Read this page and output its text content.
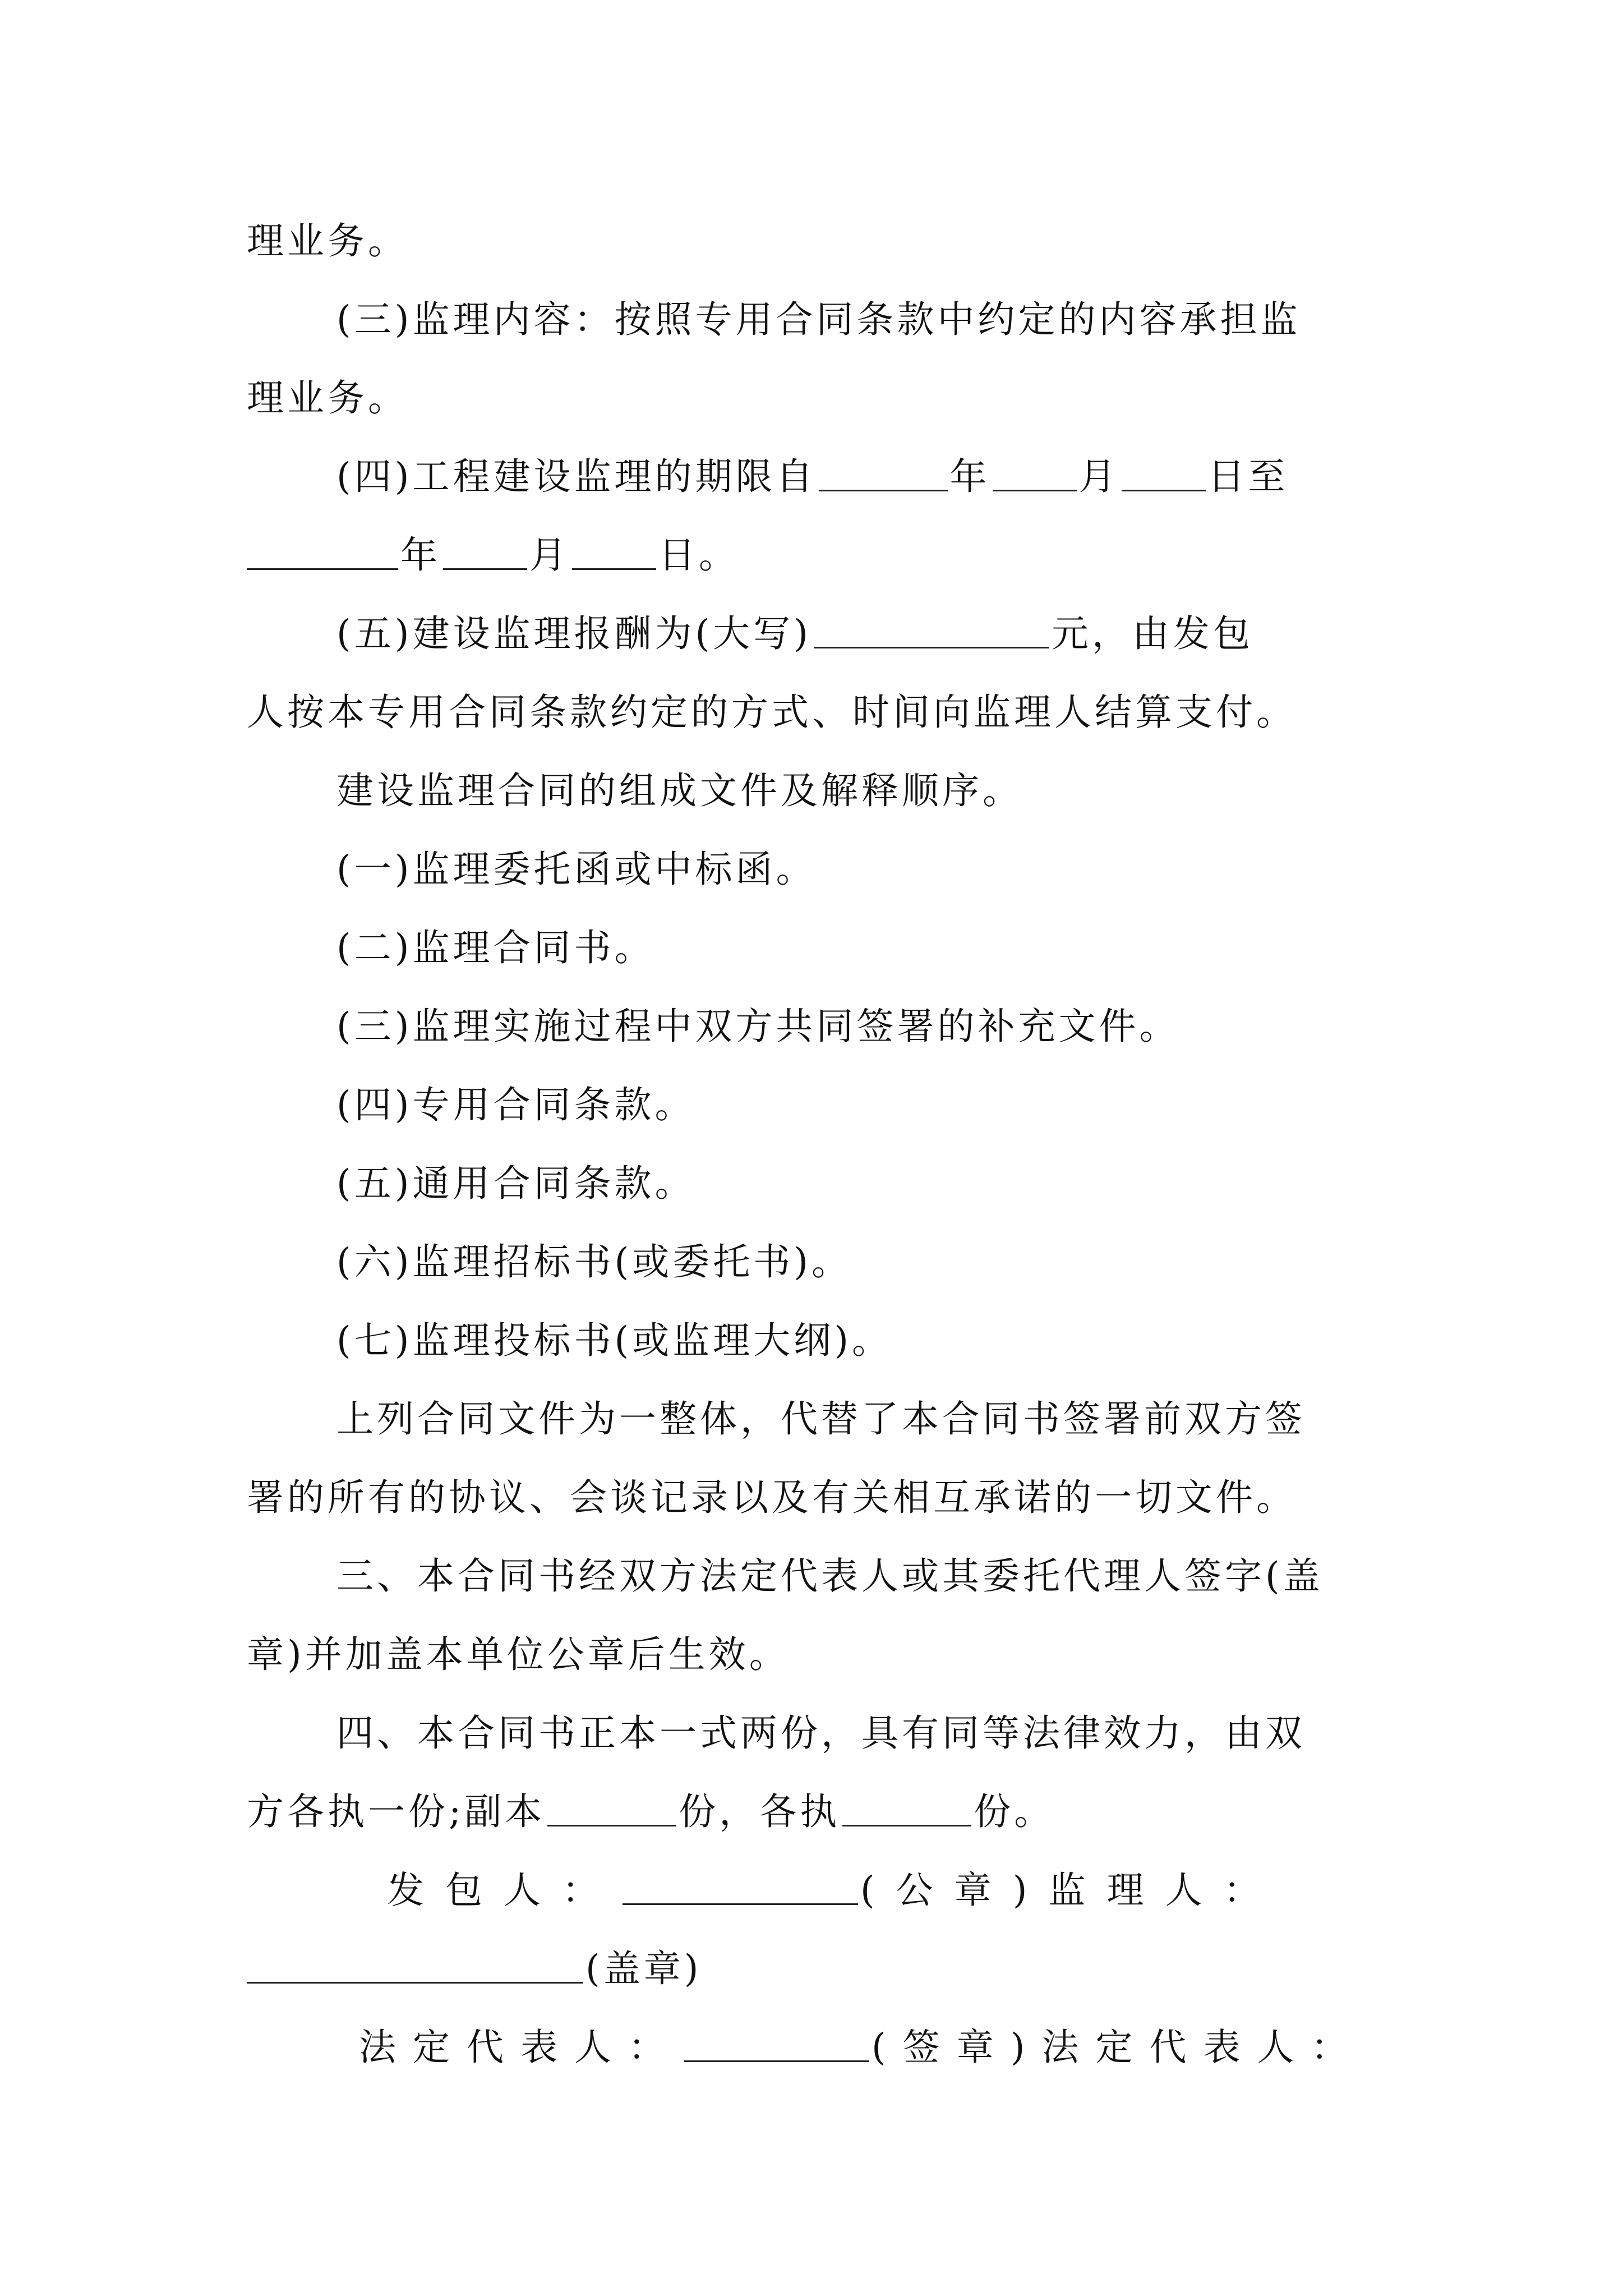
理业务。
(三)监理内容：按照专用合同条款中约定的内容承担监
理业务。
(四)工程建设监理的期限自	年 月 日至
年 月 日。
(五)建设监理报酬为(大写)	元，由发包
人按本专用合同条款约定的方式、时间向监理人结算支付。
建设监理合同的组成文件及解释顺序。
(一)监理委托函或中标函。
(二)监理合同书。
(三)监理实施过程中双方共同签署的补充文件。
(四)专用合同条款。
(五)通用合同条款。
(六)监理招标书(或委托书)。
(七)监理投标书(或监理大纲)。
上列合同文件为一整体，代替了本合同书签署前双方签
署的所有的协议、会谈记录以及有关相互承诺的一切文件。
三、本合同书经双方法定代表人或其委托代理人签字(盖
章)并加盖本单位公章后生效。
四、本合同书正本一式两份，具有同等法律效力，由双
方各执一份;副本	份，各执	份。
发包人：	(公章)监理人：
(盖章)
法定代表人：	(签章)法定代表人：
